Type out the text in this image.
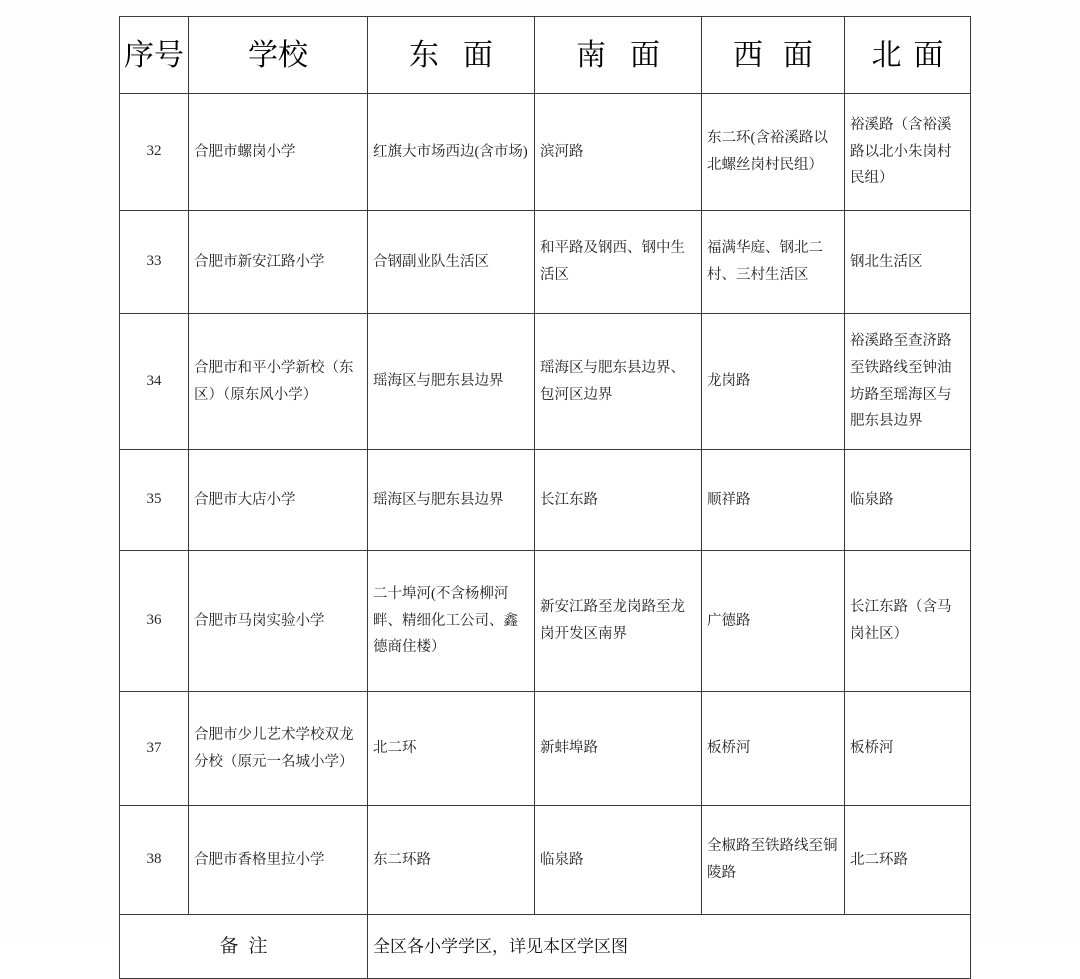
序号	学校	东面	南面	西面	北面
32	合肥市螺岗小学	红旗大市场西边(含市场)	滨河路	东二环(含裕溪路以北螺丝岗村民组）	裕溪路（含裕溪路以北小朱岗村民组）
33	合肥市新安江路小学	合钢副业队生活区	和平路及钢西、钢中生活区	福满华庭、钢北二村、三村生活区	钢北生活区
34	合肥市和平小学新校（东区）（原东风小学）	瑶海区与肥东县边界	瑶海区与肥东县边界、包河区边界	龙岗路	裕溪路至查济路至铁路线至钟油坊路至瑶海区与肥东县边界
35	合肥市大店小学	瑶海区与肥东县边界	长江东路	顺祥路	临泉路
36	合肥市马岗实验小学	二十埠河(不含杨柳河畔、精细化工公司、鑫德商住楼）	新安江路至龙岗路至龙岗开发区南界	广德路	长江东路（含马岗社区）
37	合肥市少儿艺术学校双龙分校（原元一名城小学）	北二环	新蚌埠路	板桥河	板桥河
38	合肥市香格里拉小学	东二环路	临泉路	全椒路至铁路线至铜陵路	北二环路
备注		全区各小学学区，详见本区学区图			
